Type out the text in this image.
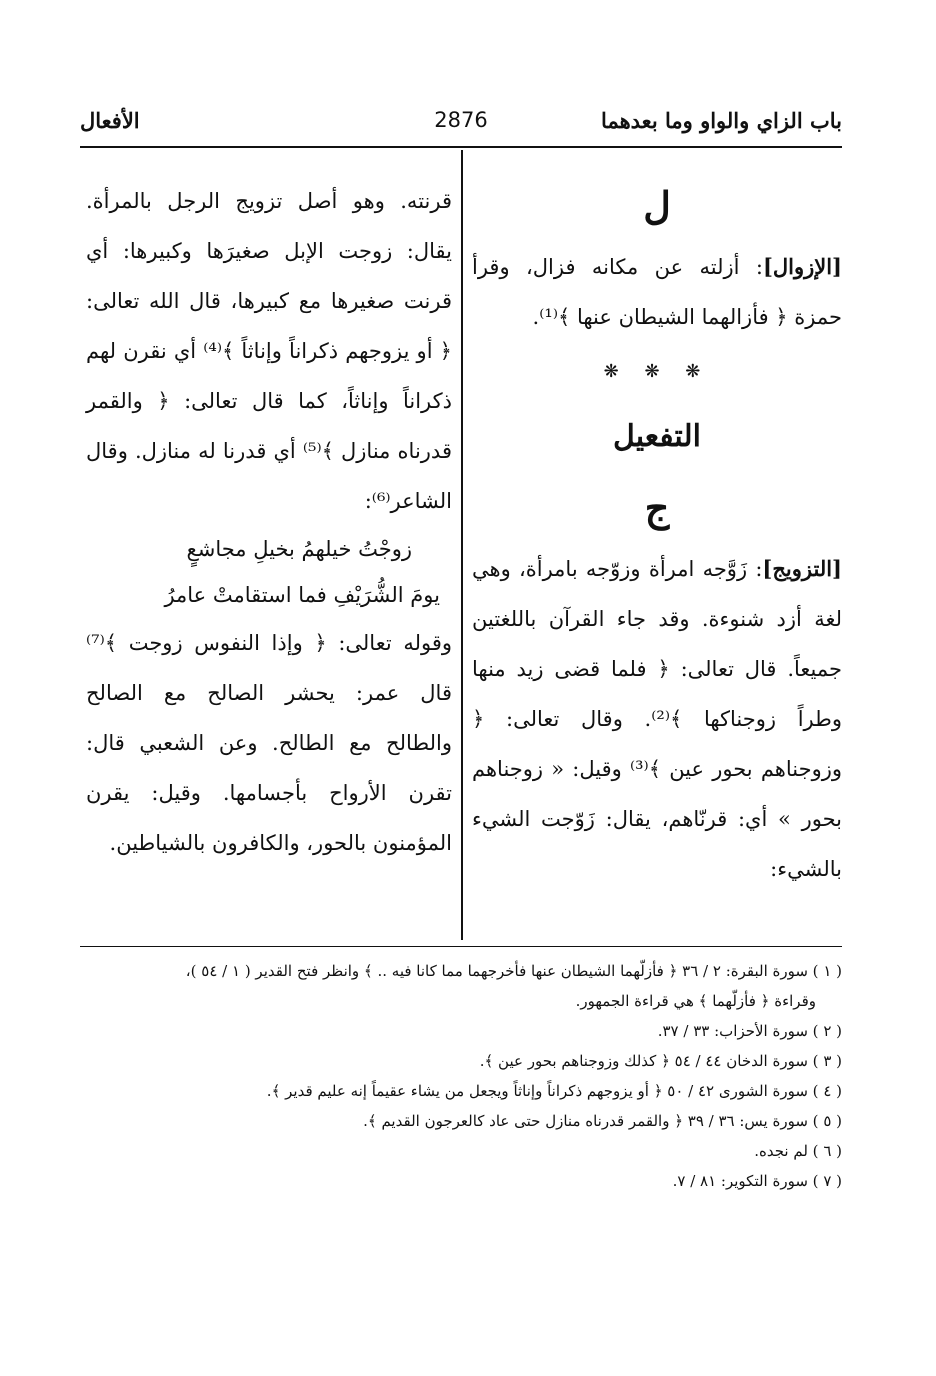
باب الزاي والواو وما بعدهما
2876
الأفعال

ل

[الإزوال]: أزلته عن مكانه فزال، وقرأ حمزة ﴿ فأزالهما الشيطان عنها ﴾⁽¹⁾.

❋ ❋ ❋

التفعيل

ج

[التزويج]: زَوَّجه امرأة وزوّجه بامرأة، وهي لغة أزد شنوءة. وقد جاء القرآن باللغتين جميعاً. قال تعالى: ﴿ فلما قضى زيد منها وطراً زوجناكها ﴾⁽²⁾. وقال تعالى: ﴿ وزوجناهم بحور عين ﴾⁽³⁾ وقيل: « زوجناهم بحور » أي: قرنّاهم، يقال: زَوّجت الشيء بالشيء:

قرنته. وهو أصل تزويج الرجل بالمرأة. يقال: زوجت الإبل صغيرَها وكبيرها: أي قرنت صغيرها مع كبيرها، قال الله تعالى: ﴿ أو يزوجهم ذكراناً وإناثاً ﴾⁽⁴⁾ أي نقرن لهم ذكراناً وإناثاً، كما قال تعالى: ﴿ والقمر قدرناه منازل ﴾⁽⁵⁾ أي قدرنا له منازل. وقال الشاعر⁽⁶⁾:

زوجْتُ خيلهمُ بخيلِ مجاشعٍ

يومَ الشُّرَيْفِ فما استقامتْ عامرُ

وقوله تعالى: ﴿ وإذا النفوس زوجت ﴾⁽⁷⁾ قال عمر: يحشر الصالح مع الصالح والطالح مع الطالح. وعن الشعبي قال: تقرن الأرواح بأجسامها. وقيل: يقرن المؤمنون بالحور، والكافرون بالشياطين.

( ١ ) سورة البقرة: ٢ / ٣٦ ﴿ فأزلّهما الشيطان عنها فأخرجهما مما كانا فيه .. ﴾ وانظر فتح القدير ( ١ / ٥٤ )،

وقراءة ﴿ فأزلّهما ﴾ هي قراءة الجمهور.

( ٢ ) سورة الأحزاب: ٣٣ / ٣٧.

( ٣ ) سورة الدخان ٤٤ / ٥٤ ﴿ كذلك وزوجناهم بحور عين ﴾.

( ٤ ) سورة الشورى ٤٢ / ٥٠ ﴿ أو يزوجهم ذكراناً وإناثاً ويجعل من يشاء عقيماً إنه عليم قدير ﴾.

( ٥ ) سورة يس: ٣٦ / ٣٩ ﴿ والقمر قدرناه منازل حتى عاد كالعرجون القديم ﴾.

( ٦ ) لم نجده.

( ٧ ) سورة التكوير: ٨١ / ٧.
